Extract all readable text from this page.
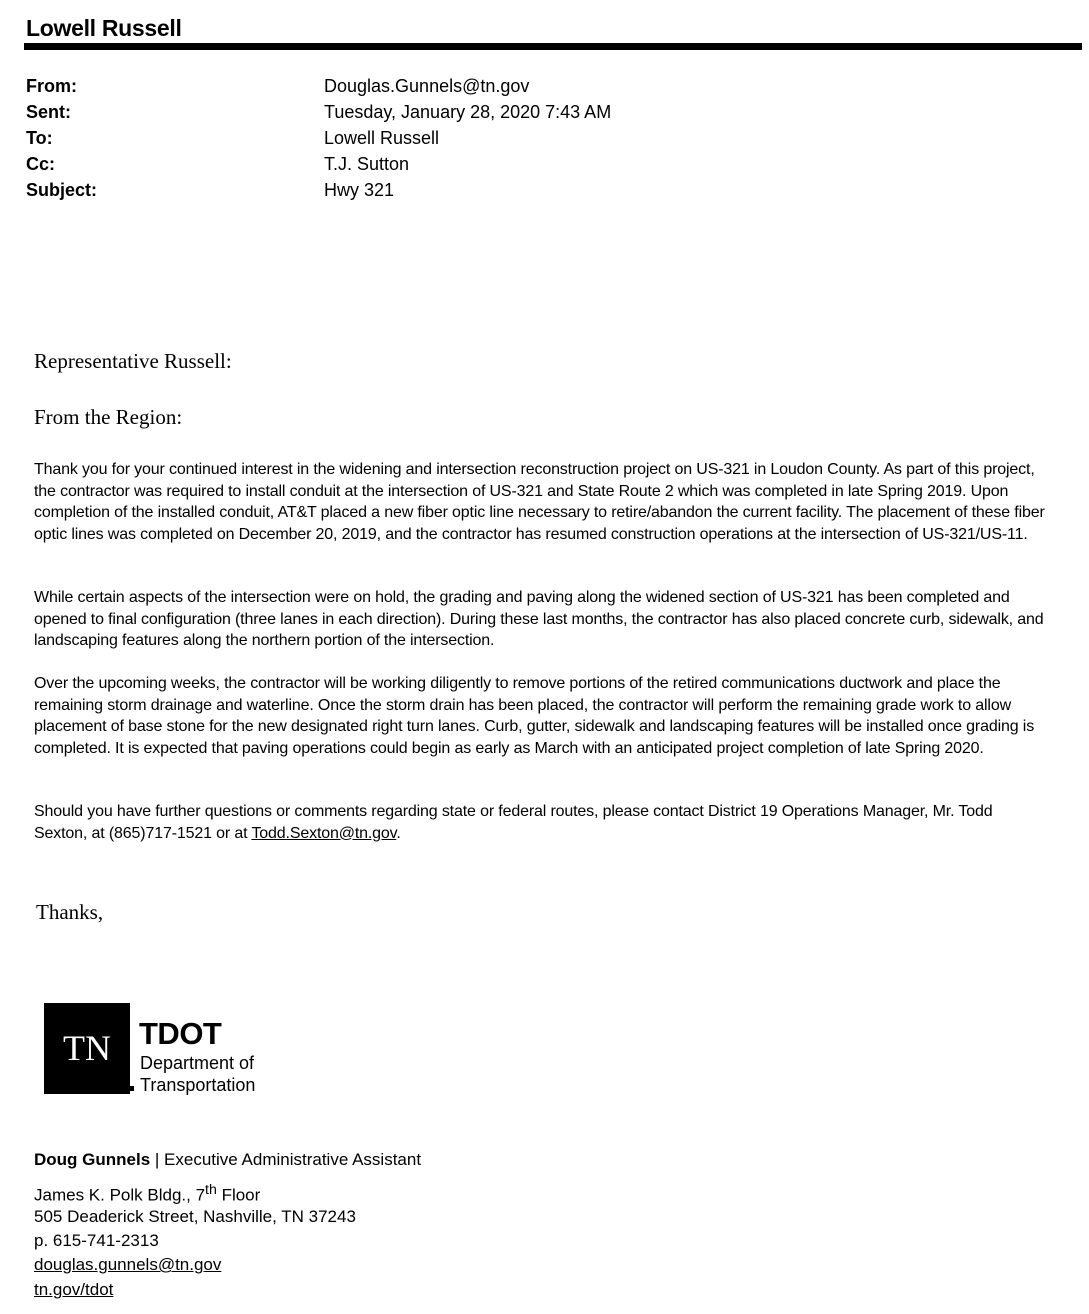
Lowell Russell
From:	Douglas.Gunnels@tn.gov
Sent:	Tuesday, January 28, 2020 7:43 AM
To:	Lowell Russell
Cc:	T.J. Sutton
Subject:	Hwy 321
Representative Russell:
From the Region:
Thank you for your continued interest in the widening and intersection reconstruction project on US-321 in Loudon County. As part of this project, the contractor was required to install conduit at the intersection of US-321 and State Route 2 which was completed in late Spring 2019. Upon completion of the installed conduit, AT&T placed a new fiber optic line necessary to retire/abandon the current facility. The placement of these fiber optic lines was completed on December 20, 2019, and the contractor has resumed construction operations at the intersection of US-321/US-11.
While certain aspects of the intersection were on hold, the grading and paving along the widened section of US-321 has been completed and opened to final configuration (three lanes in each direction). During these last months, the contractor has also placed concrete curb, sidewalk, and landscaping features along the northern portion of the intersection.
Over the upcoming weeks, the contractor will be working diligently to remove portions of the retired communications ductwork and place the remaining storm drainage and waterline. Once the storm drain has been placed, the contractor will perform the remaining grade work to allow placement of base stone for the new designated right turn lanes. Curb, gutter, sidewalk and landscaping features will be installed once grading is completed. It is expected that paving operations could begin as early as March with an anticipated project completion of late Spring 2020.
Should you have further questions or comments regarding state or federal routes, please contact District 19 Operations Manager, Mr. Todd Sexton, at (865)717-1521 or at Todd.Sexton@tn.gov.
Thanks,
TN TDOT
Department of
Transportation
Doug Gunnels | Executive Administrative Assistant
James K. Polk Bldg., 7th Floor
505 Deaderick Street, Nashville, TN 37243
p. 615-741-2313
douglas.gunnels@tn.gov
tn.gov/tdot
